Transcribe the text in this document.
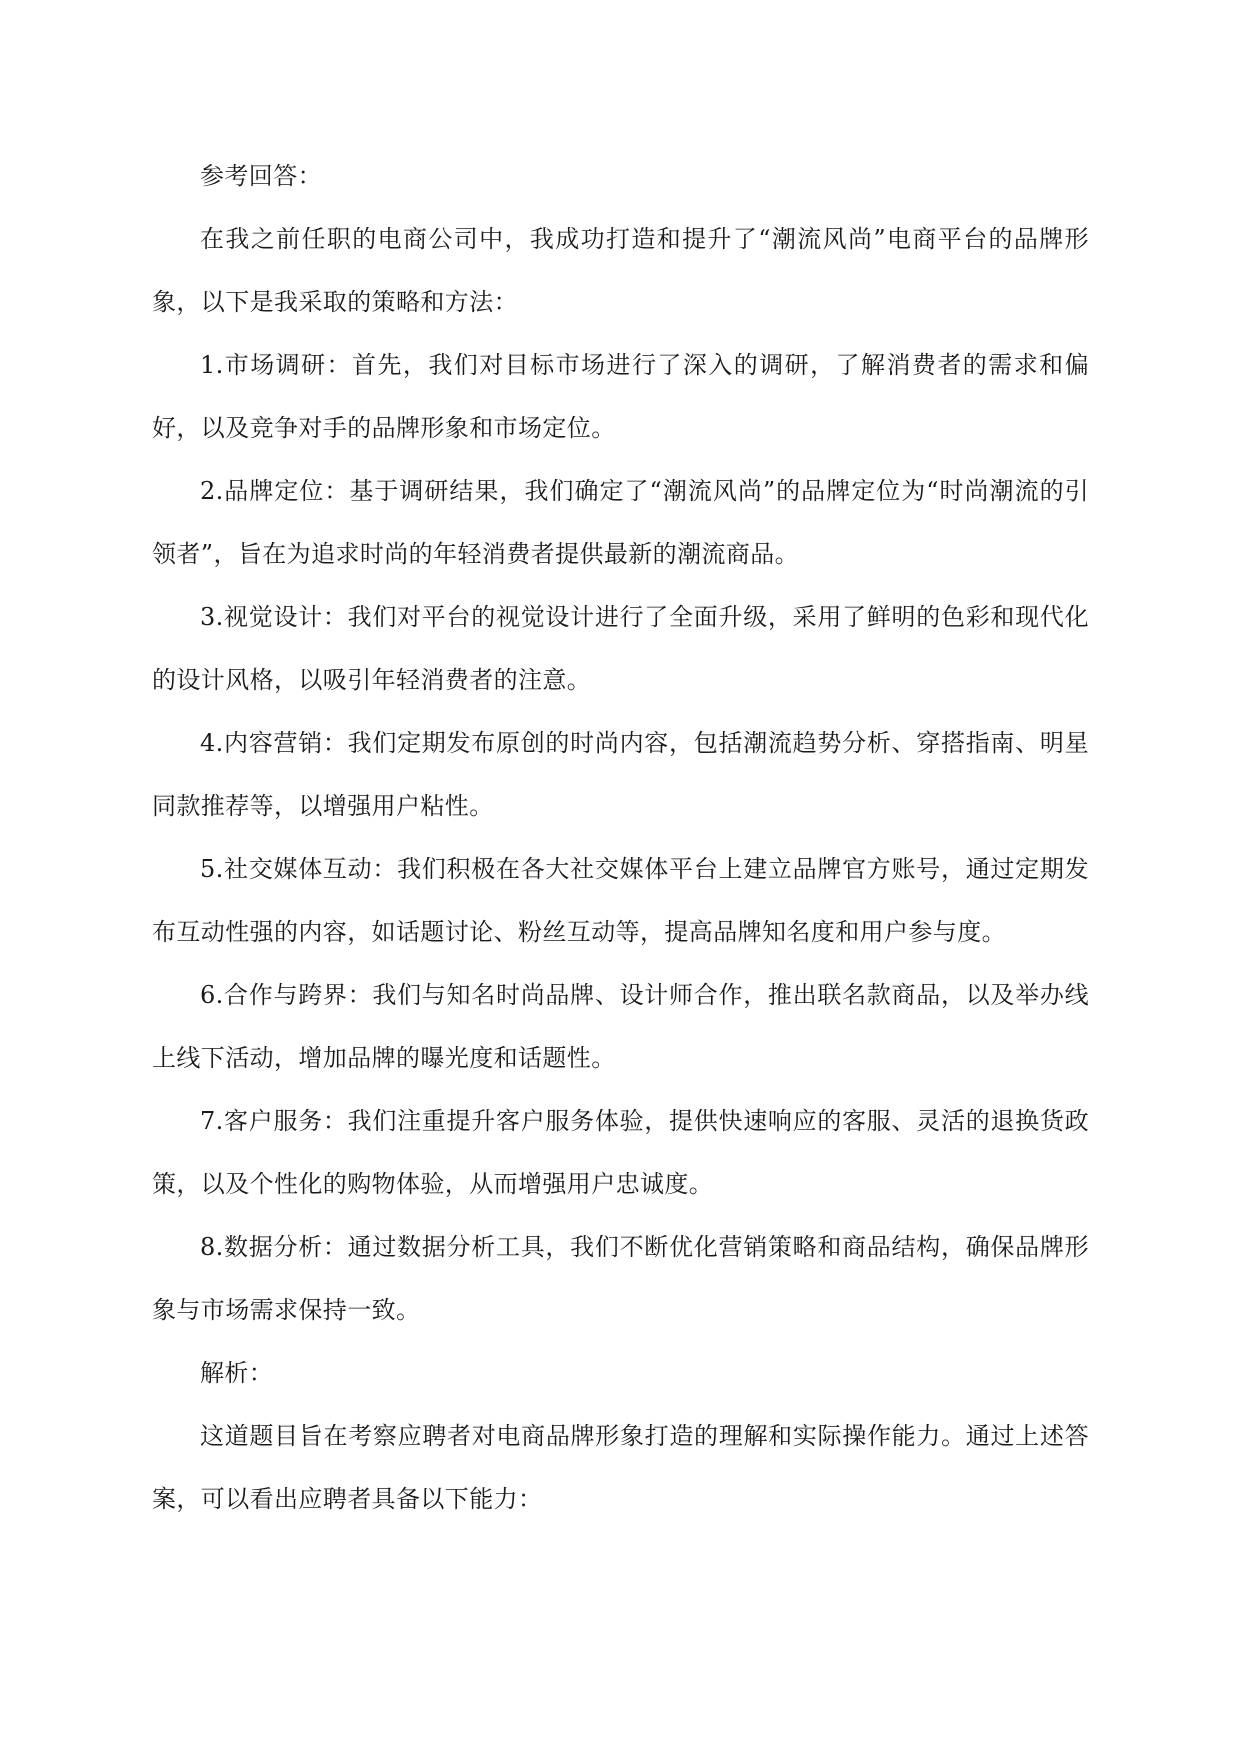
参考回答：

在我之前任职的电商公司中，我成功打造和提升了“潮流风尚”电商平台的品牌形象，以下是我采取的策略和方法：

1.市场调研：首先，我们对目标市场进行了深入的调研，了解消费者的需求和偏好，以及竞争对手的品牌形象和市场定位。

2.品牌定位：基于调研结果，我们确定了“潮流风尚”的品牌定位为“时尚潮流的引领者”，旨在为追求时尚的年轻消费者提供最新的潮流商品。

3.视觉设计：我们对平台的视觉设计进行了全面升级，采用了鲜明的色彩和现代化的设计风格，以吸引年轻消费者的注意。

4.内容营销：我们定期发布原创的时尚内容，包括潮流趋势分析、穿搭指南、明星同款推荐等，以增强用户粘性。

5.社交媒体互动：我们积极在各大社交媒体平台上建立品牌官方账号，通过定期发布互动性强的内容，如话题讨论、粉丝互动等，提高品牌知名度和用户参与度。

6.合作与跨界：我们与知名时尚品牌、设计师合作，推出联名款商品，以及举办线上线下活动，增加品牌的曝光度和话题性。

7.客户服务：我们注重提升客户服务体验，提供快速响应的客服、灵活的退换货政策，以及个性化的购物体验，从而增强用户忠诚度。

8.数据分析：通过数据分析工具，我们不断优化营销策略和商品结构，确保品牌形象与市场需求保持一致。

解析：

这道题目旨在考察应聘者对电商品牌形象打造的理解和实际操作能力。通过上述答案，可以看出应聘者具备以下能力：
